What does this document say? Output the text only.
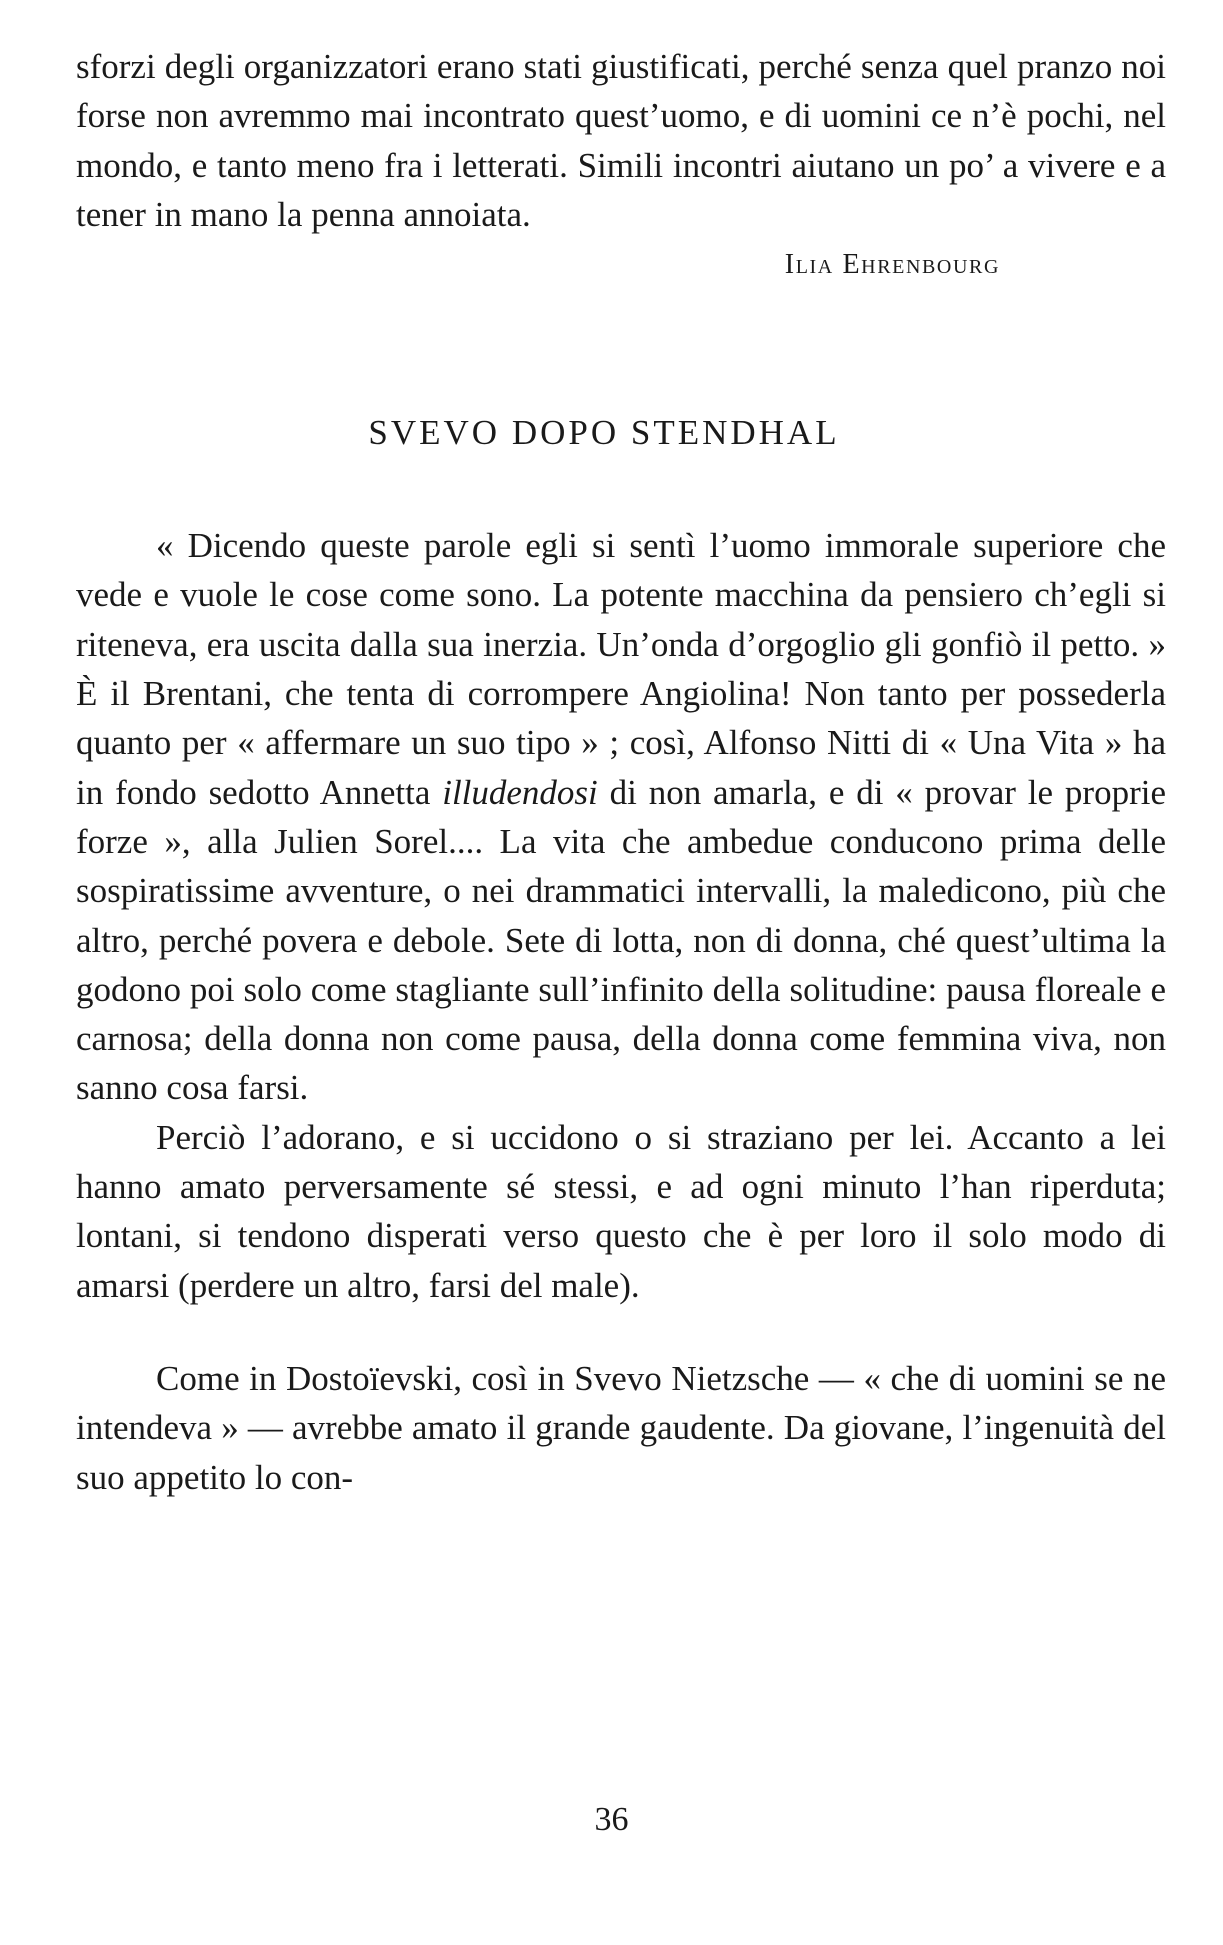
sforzi degli organizzatori erano stati giustificati, perché senza quel pranzo noi forse non avremmo mai incontrato quest’uomo, e di uomini ce n’è pochi, nel mondo, e tanto meno fra i letterati. Simili incontri aiutano un po’ a vivere e a tener in mano la penna annoiata.

Ilia Ehrenbourg

SVEVO DOPO STENDHAL

« Dicendo queste parole egli si sentì l’uomo immorale superiore che vede e vuole le cose come sono. La potente macchina da pensiero ch’egli si riteneva, era uscita dalla sua inerzia. Un’onda d’orgoglio gli gonfiò il petto. » È il Brentani, che tenta di corrompere Angiolina! Non tanto per possederla quanto per « affermare un suo tipo » ; così, Alfonso Nitti di « Una Vita » ha in fondo sedotto Annetta illudendosi di non amarla, e di « provar le proprie forze », alla Julien Sorel.... La vita che ambedue conducono prima delle sospiratissime avventure, o nei drammatici intervalli, la maledicono, più che altro, perché povera e debole. Sete di lotta, non di donna, ché quest’ultima la godono poi solo come stagliante sull’infinito della solitudine: pausa floreale e carnosa; della donna non come pausa, della donna come femmina viva, non sanno cosa farsi.

Perciò l’adorano, e si uccidono o si straziano per lei. Accanto a lei hanno amato perversamente sé stessi, e ad ogni minuto l’han riperduta; lontani, si tendono disperati verso questo che è per loro il solo modo di amarsi (perdere un altro, farsi del male).

Come in Dostoïevski, così in Svevo Nietzsche — « che di uomini se ne intendeva » — avrebbe amato il grande gaudente. Da giovane, l’ingenuità del suo appetito lo con-

36
